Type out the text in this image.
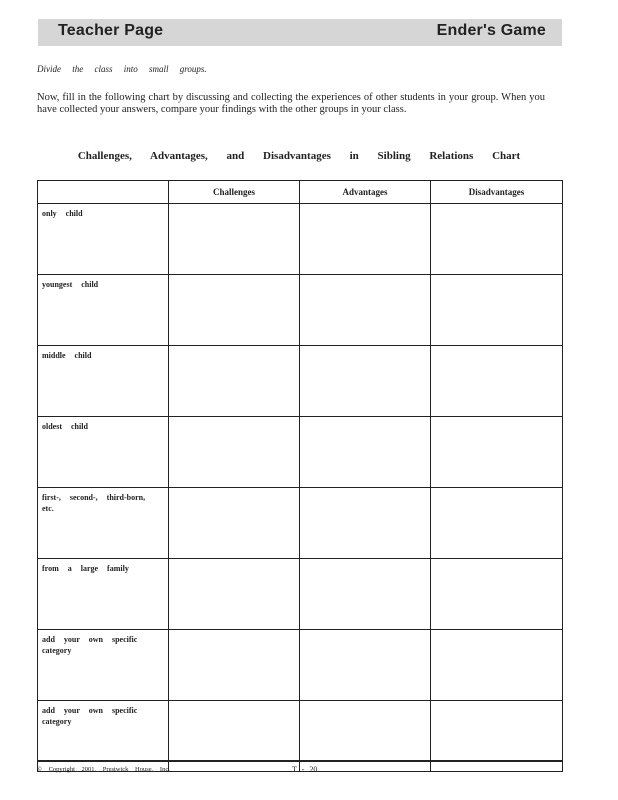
Teacher Page	Ender's Game
Divide the class into small groups.
Now, fill in the following chart by discussing and collecting the experiences of other students in your group. When you have collected your answers, compare your findings with the other groups in your class.
Challenges, Advantages, and Disadvantages in Sibling Relations Chart
	Challenges	Advantages	Disadvantages

only child			

youngest child			

middle child			

oldest child			

first-, second-, third-born, etc.			

from a large family			

add your own specific category			

add your own specific category			

© Copyright 2001, Prestwick House, Inc.	T - 20
